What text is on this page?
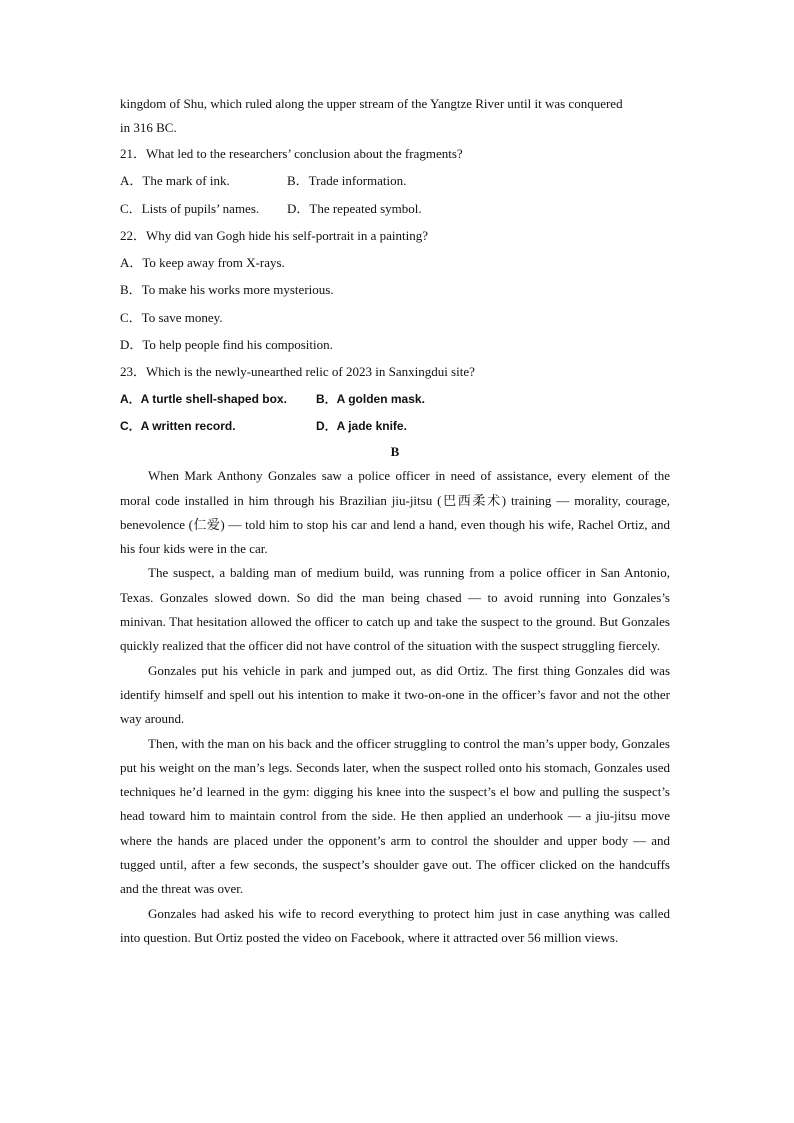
kingdom of Shu, which ruled along the upper stream of the Yangtze River until it was conquered
in 316 BC.
21．What led to the researchers’ conclusion about the fragments?
A．The mark of ink.	B．Trade information.
C．Lists of pupils’ names.	D．The repeated symbol.
22．Why did van Gogh hide his self-portrait in a painting?
A．To keep away from X-rays.
B．To make his works more mysterious.
C．To save money.
D．To help people find his composition.
23．Which is the newly-unearthed relic of 2023 in Sanxingdui site?
A．A turtle shell-shaped box.	B．A golden mask.
C．A written record.	D．A jade knife.
B

When Mark Anthony Gonzales saw a police officer in need of assistance, every element of the moral code installed in him through his Brazilian jiu-jitsu (巴西柔术) training — morality, courage, benevolence (仁爱) — told him to stop his car and lend a hand, even though his wife, Rachel Ortiz, and his four kids were in the car.

The suspect, a balding man of medium build, was running from a police officer in San Antonio, Texas. Gonzales slowed down. So did the man being chased — to avoid running into Gonzales’s minivan. That hesitation allowed the officer to catch up and take the suspect to the ground. But Gonzales quickly realized that the officer did not have control of the situation with the suspect struggling fiercely.

Gonzales put his vehicle in park and jumped out, as did Ortiz. The first thing Gonzales did was identify himself and spell out his intention to make it two-on-one in the officer’s favor and not the other way around.

Then, with the man on his back and the officer struggling to control the man’s upper body, Gonzales put his weight on the man’s legs. Seconds later, when the suspect rolled onto his stomach, Gonzales used techniques he’d learned in the gym: digging his knee into the suspect’s el bow and pulling the suspect’s head toward him to maintain control from the side. He then applied an underhook — a jiu-jitsu move where the hands are placed under the opponent’s arm to control the shoulder and upper body — and tugged until, after a few seconds, the suspect’s shoulder gave out. The officer clicked on the handcuffs and the threat was over.

Gonzales had asked his wife to record everything to protect him just in case anything was called into question. But Ortiz posted the video on Facebook, where it attracted over 56 million views.
